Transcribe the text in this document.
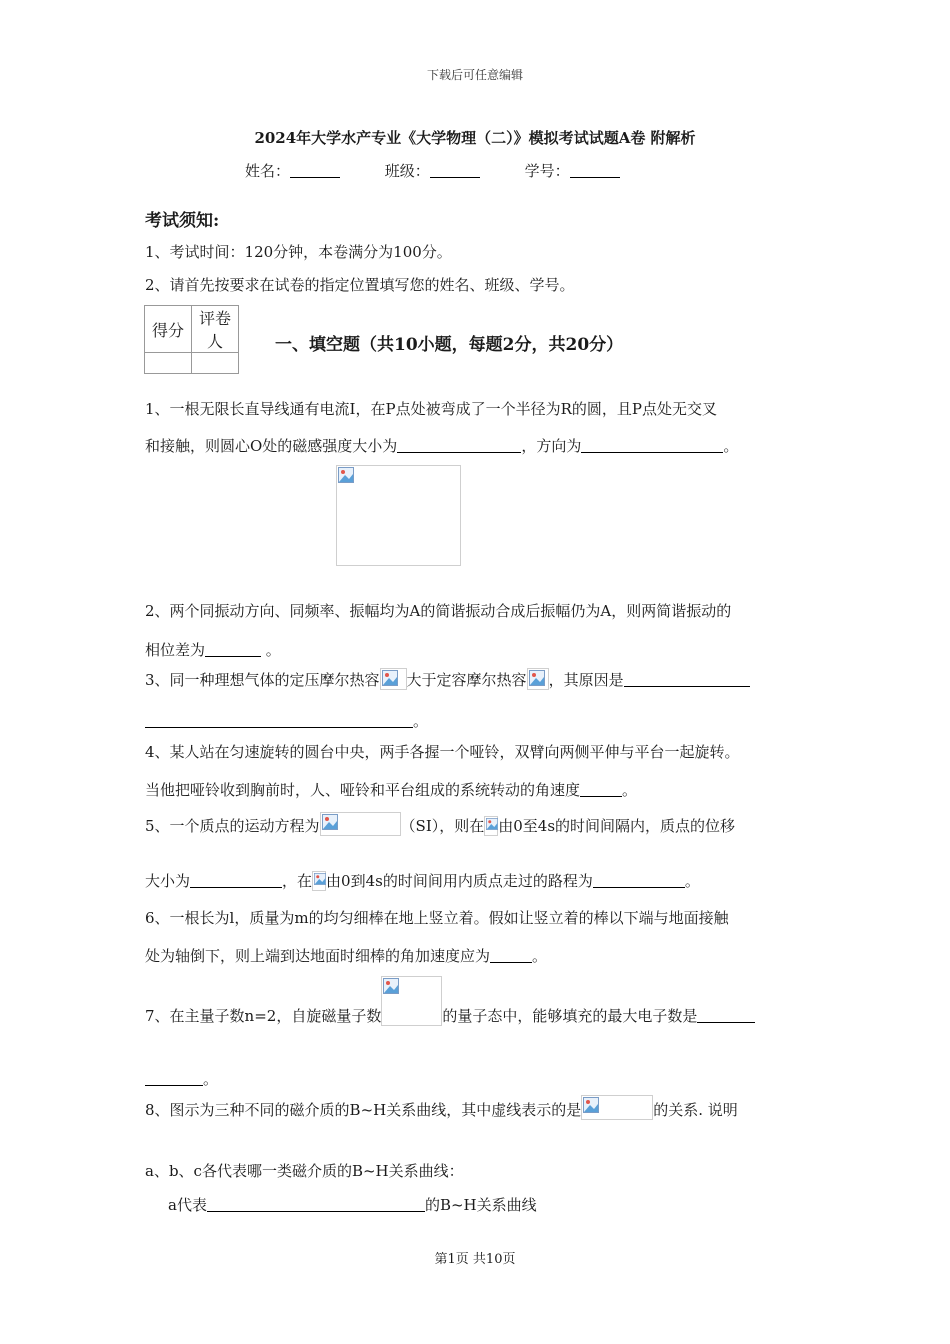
下载后可任意编辑
2024年大学水产专业《大学物理（二）》模拟考试试题A卷 附解析
姓名：	班级：	学号：
考试须知:
1、考试时间：120分钟，本卷满分为100分。
2、请首先按要求在试卷的指定位置填写您的姓名、班级、学号。
得分	评卷人
		一、填空题（共10小题，每题2分，共20分）
1、一根无限长直导线通有电流I，在P点处被弯成了一个半径为R的圆，且P点处无交叉
和接触，则圆心O处的磁感强度大小为	，方向为	。
2、两个同振动方向、同频率、振幅均为A的简谐振动合成后振幅仍为A，则两简谐振动的
相位差为	。
3、同一种理想气体的定压摩尔热容 大于定容摩尔热容 ，其原因是
。
4、某人站在匀速旋转的圆台中央，两手各握一个哑铃，双臂向两侧平伸与平台一起旋转。
当他把哑铃收到胸前时，人、哑铃和平台组成的系统转动的角速度	。
5、一个质点的运动方程为	（SI），则在 由0至4s的时间间隔内，质点的位移
大小为	，在 由0到4s的时间间用内质点走过的路程为	。
6、一根长为l，质量为m的均匀细棒在地上竖立着。假如让竖立着的棒以下端与地面接触
处为轴倒下，则上端到达地面时细棒的角加速度应为	。
7、在主量子数n=2，自旋磁量子数	的量子态中，能够填充的最大电子数是
。
8、图示为三种不同的磁介质的B~H关系曲线，其中虚线表示的是	的关系. 说明
a、b、c各代表哪一类磁介质的B~H关系曲线：
a代表	的B~H关系曲线
第1页 共10页
